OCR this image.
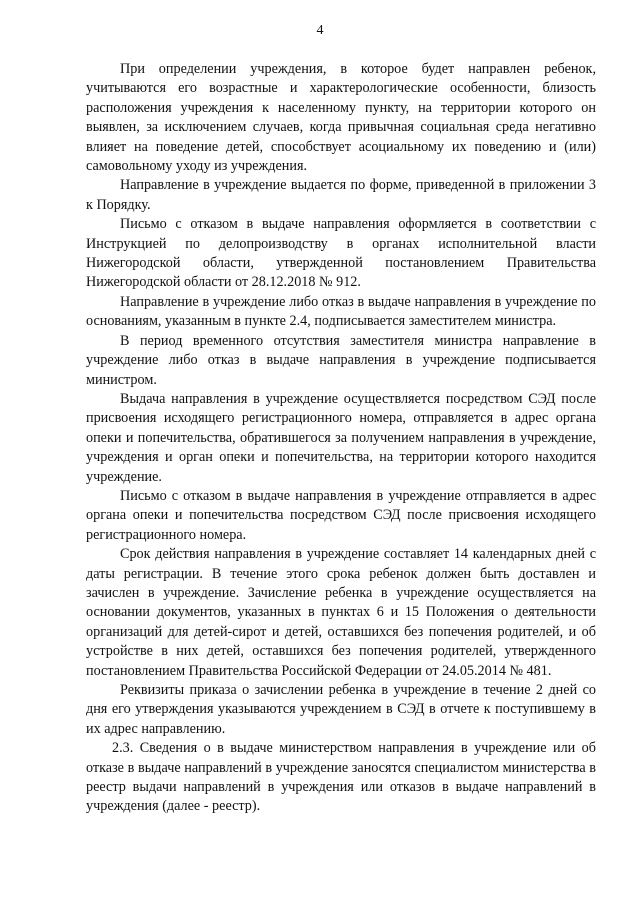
4

При определении учреждения, в которое будет направлен ребенок, учитываются его возрастные и характерологические особенности, близость расположения учреждения к населенному пункту, на территории которого он выявлен, за исключением случаев, когда привычная социальная среда негативно влияет на поведение детей, способствует асоциальному их поведению и (или) самовольному уходу из учреждения.

Направление в учреждение выдается по форме, приведенной в приложении 3 к Порядку.

Письмо с отказом в выдаче направления оформляется в соответствии с Инструкцией по делопроизводству в органах исполнительной власти Нижегородской области, утвержденной постановлением Правительства Нижегородской области от 28.12.2018 № 912.

Направление в учреждение либо отказ в выдаче направления в учреждение по основаниям, указанным в пункте 2.4, подписывается заместителем министра.

В период временного отсутствия заместителя министра направление в учреждение либо отказ в выдаче направления в учреждение подписывается министром.

Выдача направления в учреждение осуществляется посредством СЭД после присвоения исходящего регистрационного номера, отправляется в адрес органа опеки и попечительства, обратившегося за получением направления в учреждение, учреждения и орган опеки и попечительства, на территории которого находится учреждение.

Письмо с отказом в выдаче направления в учреждение отправляется в адрес органа опеки и попечительства посредством СЭД после присвоения исходящего регистрационного номера.

Срок действия направления в учреждение составляет 14 календарных дней с даты регистрации. В течение этого срока ребенок должен быть доставлен и зачислен в учреждение. Зачисление ребенка в учреждение осуществляется на основании документов, указанных в пунктах 6 и 15 Положения о деятельности организаций для детей-сирот и детей, оставшихся без попечения родителей, и об устройстве в них детей, оставшихся без попечения родителей, утвержденного постановлением Правительства Российской Федерации от 24.05.2014 № 481.

Реквизиты приказа о зачислении ребенка в учреждение в течение 2 дней со дня его утверждения указываются учреждением в СЭД в отчете к поступившему в их адрес направлению.

2.3. Сведения о в выдаче министерством направления в учреждение или об отказе в выдаче направлений в учреждение заносятся специалистом министерства в реестр выдачи направлений в учреждения или отказов в выдаче направлений в учреждения (далее - реестр).
